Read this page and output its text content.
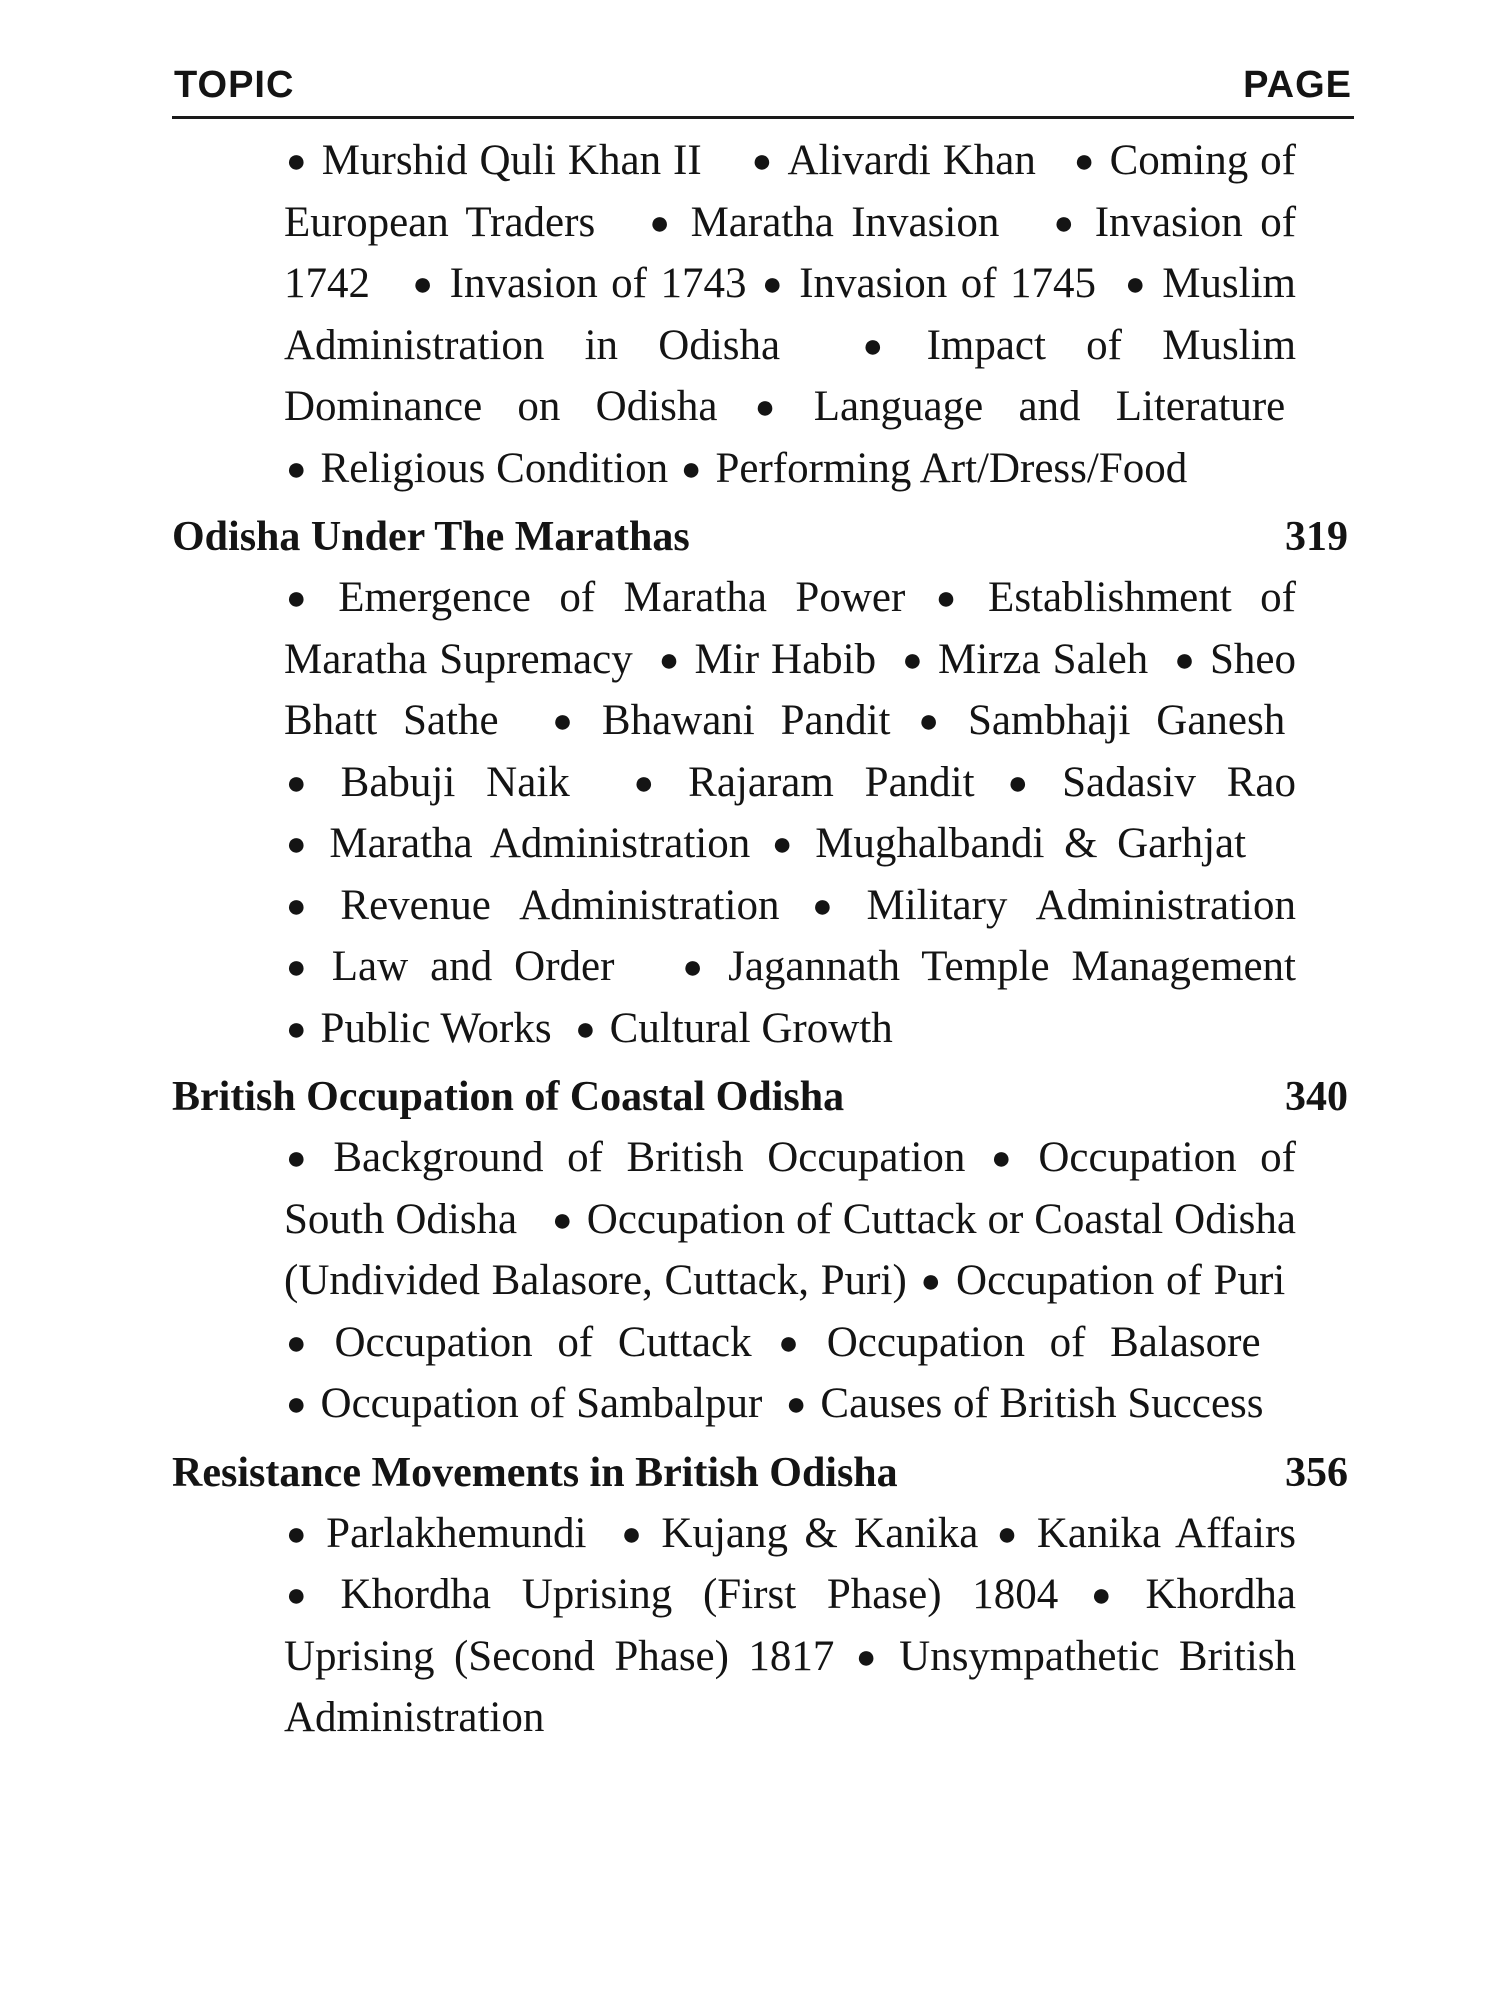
TOPIC	PAGE

● Murshid Quli Khan II ● Alivardi Khan ● Coming of European Traders ● Maratha Invasion ● Invasion of 1742 ● Invasion of 1743 ● Invasion of 1745 ● Muslim Administration in Odisha ● Impact of Muslim Dominance on Odisha ● Language and Literature  ● Religious Condition ● Performing Art/Dress/Food

Odisha Under The Marathas	319

● Emergence of Maratha Power ● Establishment of Maratha Supremacy ● Mir Habib ● Mirza Saleh ● Sheo Bhatt Sathe ● Bhawani Pandit ● Sambhaji Ganesh  ● Babuji Naik ● Rajaram Pandit ● Sadasiv Rao ● Maratha Administration ● Mughalbandi & Garhjat    ● Revenue Administration ● Military Administration ● Law and Order ● Jagannath Temple Management ● Public Works ● Cultural Growth

British Occupation of Coastal Odisha	340

● Background of British Occupation ● Occupation of South Odisha ● Occupation of Cuttack or Coastal Odisha (Undivided Balasore, Cuttack, Puri) ● Occupation of Puri  ● Occupation of Cuttack ● Occupation of Balasore   ● Occupation of Sambalpur ● Causes of British Success

Resistance Movements in British Odisha	356

● Parlakhemundi ● Kujang & Kanika ● Kanika Affairs ● Khordha Uprising (First Phase) 1804 ● Khordha Uprising (Second Phase) 1817 ● Unsympathetic British Administration
